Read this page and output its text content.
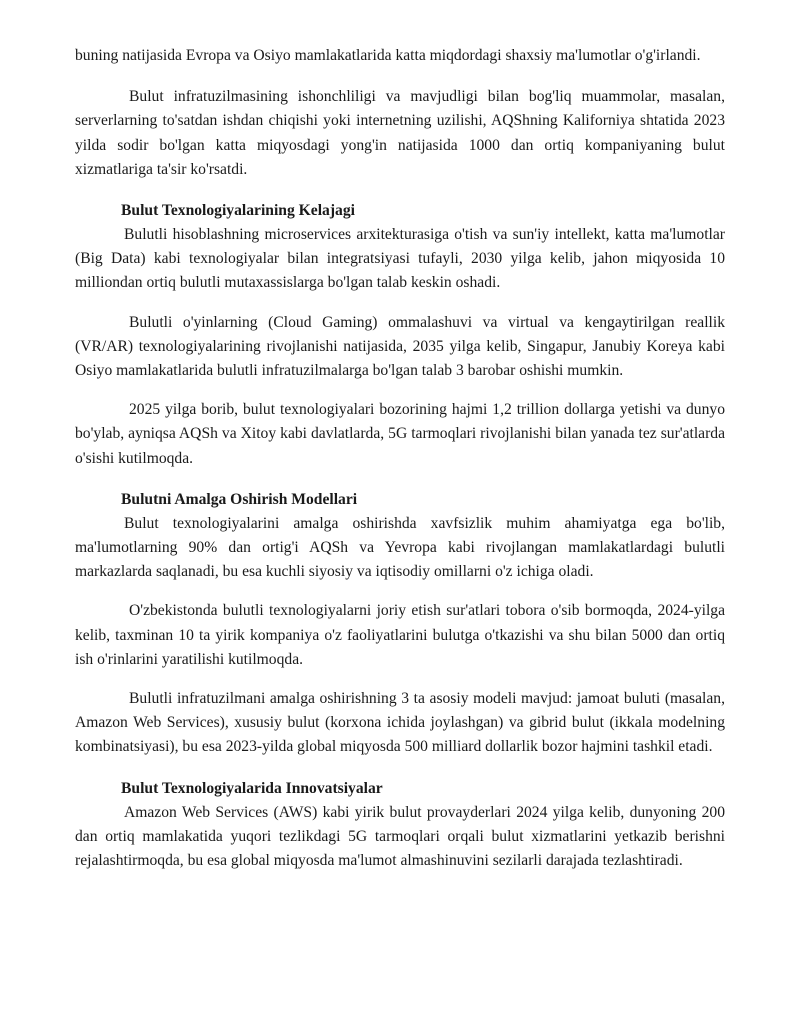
buning natijasida Evropa va Osiyo mamlakatlarida katta miqdordagi shaxsiy ma'lumotlar o'g'irlandi.

Bulut infratuzilmasining ishonchliligi va mavjudligi bilan bog'liq muammolar, masalan, serverlarning to'satdan ishdan chiqishi yoki internetning uzilishi, AQShning Kaliforniya shtatida 2023 yilda sodir bo'lgan katta miqyosdagi yong'in natijasida 1000 dan ortiq kompaniyaning bulut xizmatlariga ta'sir ko'rsatdi.

Bulut Texnologiyalarining Kelajagi

Bulutli hisoblashning microservices arxitekturasiga o'tish va sun'iy intellekt, katta ma'lumotlar (Big Data) kabi texnologiyalar bilan integratsiyasi tufayli, 2030 yilga kelib, jahon miqyosida 10 milliondan ortiq bulutli mutaxassislarga bo'lgan talab keskin oshadi.

Bulutli o'yinlarning (Cloud Gaming) ommalashuvi va virtual va kengaytirilgan reallik (VR/AR) texnologiyalarining rivojlanishi natijasida, 2035 yilga kelib, Singapur, Janubiy Koreya kabi Osiyo mamlakatlarida bulutli infratuzilmalarga bo'lgan talab 3 barobar oshishi mumkin.

2025 yilga borib, bulut texnologiyalari bozorining hajmi 1,2 trillion dollarga yetishi va dunyo bo'ylab, ayniqsa AQSh va Xitoy kabi davlatlarda, 5G tarmoqlari rivojlanishi bilan yanada tez sur'atlarda o'sishi kutilmoqda.

Bulutni Amalga Oshirish Modellari

Bulut texnologiyalarini amalga oshirishda xavfsizlik muhim ahamiyatga ega bo'lib, ma'lumotlarning 90% dan ortig'i AQSh va Yevropa kabi rivojlangan mamlakatlardagi bulutli markazlarda saqlanadi, bu esa kuchli siyosiy va iqtisodiy omillarni o'z ichiga oladi.

O'zbekistonda bulutli texnologiyalarni joriy etish sur'atlari tobora o'sib bormoqda, 2024-yilga kelib, taxminan 10 ta yirik kompaniya o'z faoliyatlarini bulutga o'tkazishi va shu bilan 5000 dan ortiq ish o'rinlarini yaratilishi kutilmoqda.

Bulutli infratuzilmani amalga oshirishning 3 ta asosiy modeli mavjud: jamoat buluti (masalan, Amazon Web Services), xususiy bulut (korxona ichida joylashgan) va gibrid bulut (ikkala modelning kombinatsiyasi), bu esa 2023-yilda global miqyosda 500 milliard dollarlik bozor hajmini tashkil etadi.

Bulut Texnologiyalarida Innovatsiyalar

Amazon Web Services (AWS) kabi yirik bulut provayderlari 2024 yilga kelib, dunyoning 200 dan ortiq mamlakatida yuqori tezlikdagi 5G tarmoqlari orqali bulut xizmatlarini yetkazib berishni rejalashtirmoqda, bu esa global miqyosda ma'lumot almashinuvini sezilarli darajada tezlashtiradi.
